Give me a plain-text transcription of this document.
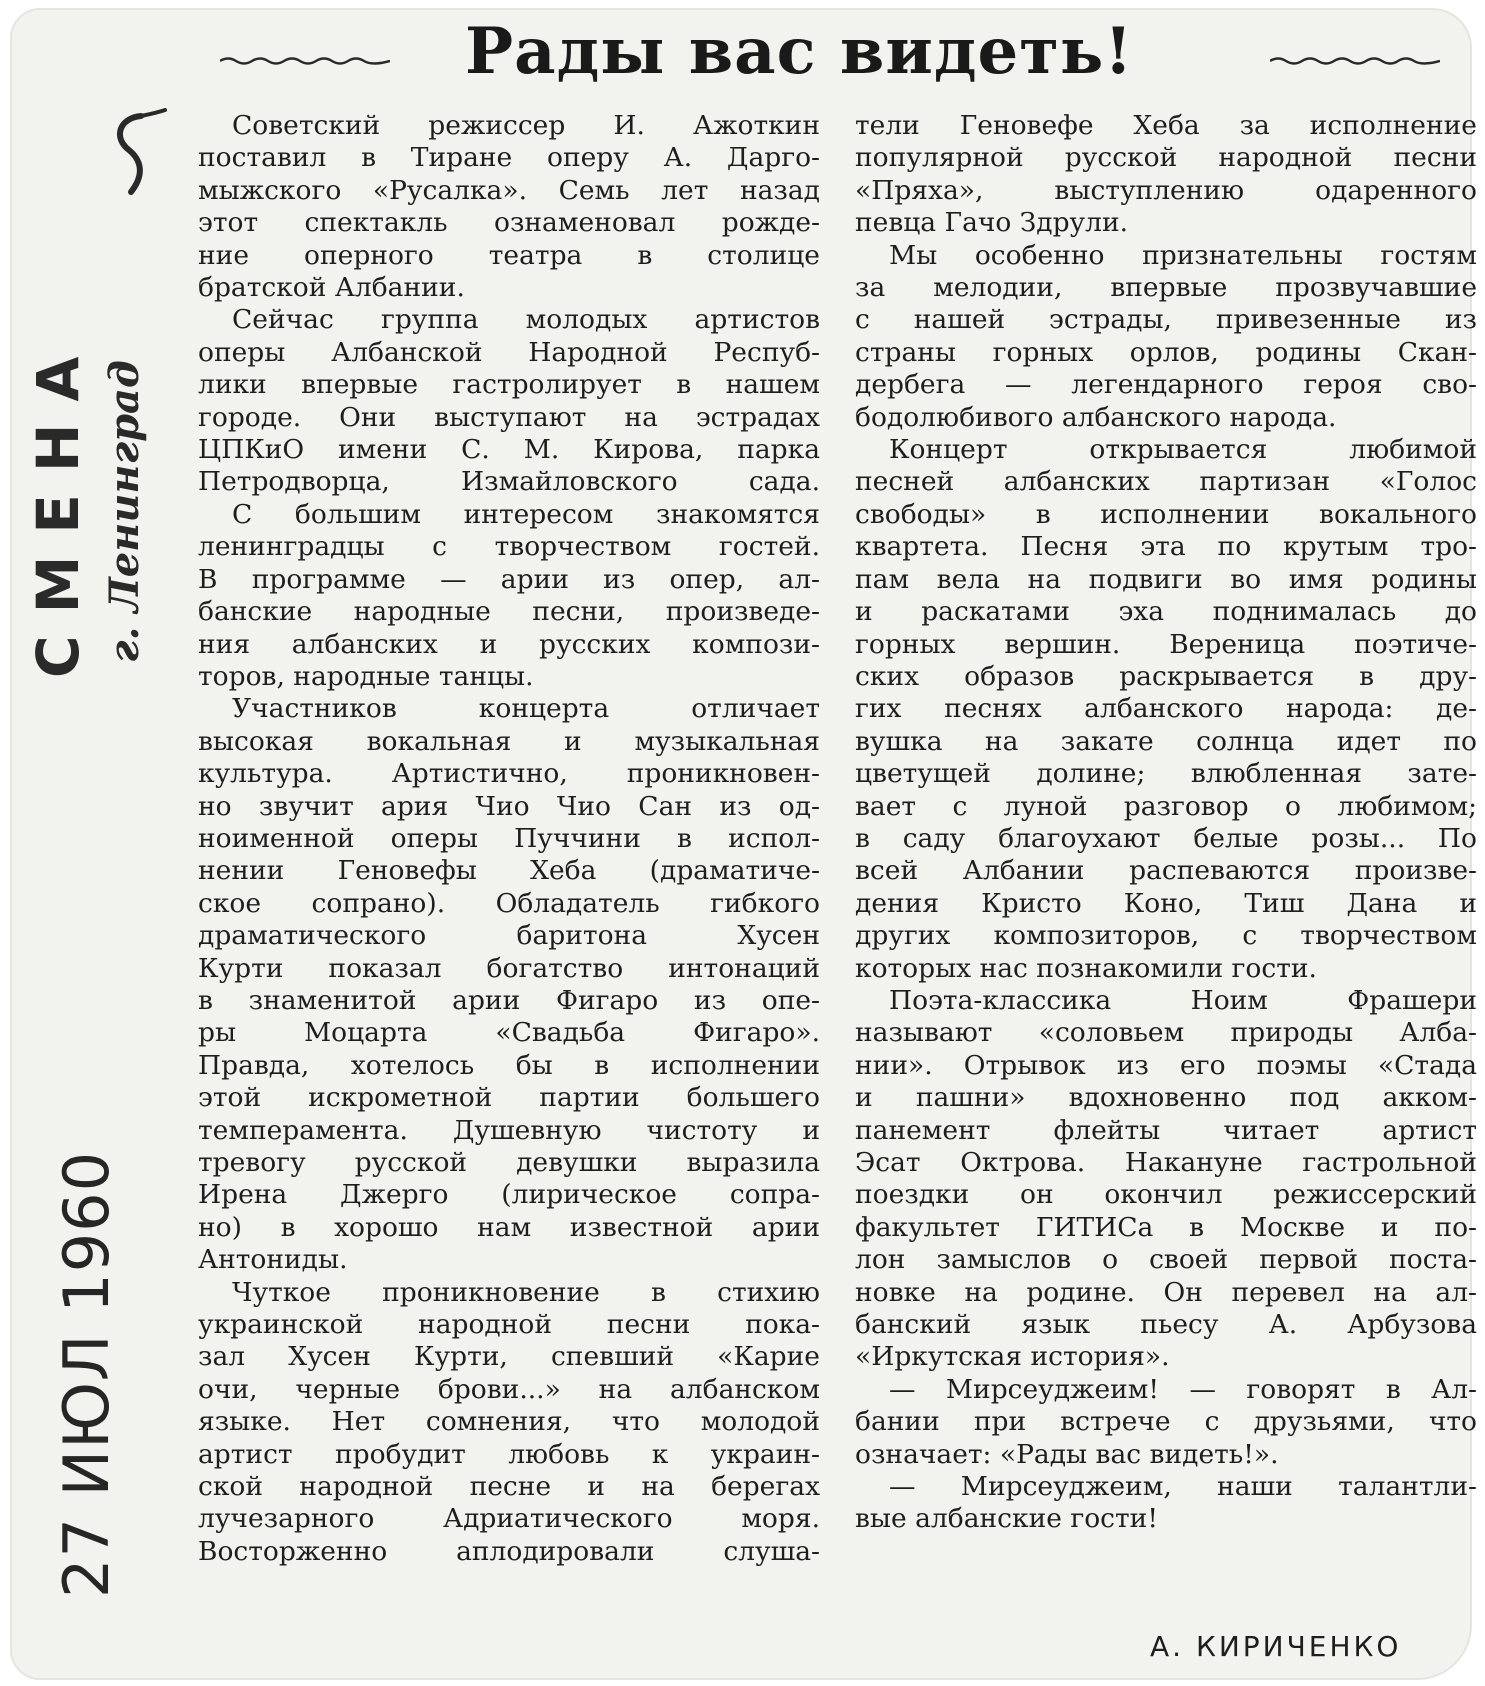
Рады вас видеть!
СМЕНА г. Ленинград
27 ИЮЛ 1960

Советский режиссер И. Ажоткин

поставил в Тиране оперу А. Дарго-

мыжского «Русалка». Семь лет назад

этот спектакль ознаменовал рожде-

ние оперного театра в столице

братской Албании.

Сейчас группа молодых артистов

оперы Албанской Народной Респуб-

лики впервые гастролирует в нашем

городе. Они выступают на эстрадах

ЦПКиО имени С. М. Кирова, парка

Петродворца, Измайловского сада.

С большим интересом знакомятся

ленинградцы с творчеством гостей.

В программе — арии из опер, ал-

банские народные песни, произведе-

ния албанских и русских компози-

торов, народные танцы.

Участников концерта отличает

высокая вокальная и музыкальная

культура. Артистично, проникновен-

но звучит ария Чио Чио Сан из од-

ноименной оперы Пуччини в испол-

нении Геновефы Хеба (драматиче-

ское сопрано). Обладатель гибкого

драматического баритона Хусен

Курти показал богатство интонаций

в знаменитой арии Фигаро из опе-

ры Моцарта «Свадьба Фигаро».

Правда, хотелось бы в исполнении

этой искрометной партии большего

темперамента. Душевную чистоту и

тревогу русской девушки выразила

Ирена Джерго (лирическое сопра-

но) в хорошо нам известной арии

Антониды.

Чуткое проникновение в стихию

украинской народной песни пока-

зал Хусен Курти, спевший «Карие

очи, черные брови...» на албанском

языке. Нет сомнения, что молодой

артист пробудит любовь к украин-

ской народной песне и на берегах

лучезарного Адриатического моря.

Восторженно аплодировали слуша-

тели Геновефе Хеба за исполнение

популярной русской народной песни

«Пряха», выступлению одаренного

певца Гачо Здрули.

Мы особенно признательны гостям

за мелодии, впервые прозвучавшие

с нашей эстрады, привезенные из

страны горных орлов, родины Скан-

дербега — легендарного героя сво-

бодолюбивого албанского народа.

Концерт открывается любимой

песней албанских партизан «Голос

свободы» в исполнении вокального

квартета. Песня эта по крутым тро-

пам вела на подвиги во имя родины

и раскатами эха поднималась до

горных вершин. Вереница поэтиче-

ских образов раскрывается в дру-

гих песнях албанского народа: де-

вушка на закате солнца идет по

цветущей долине; влюбленная зате-

вает с луной разговор о любимом;

в саду благоухают белые розы... По

всей Албании распеваются произве-

дения Кристо Коно, Тиш Дана и

других композиторов, с творчеством

которых нас познакомили гости.

Поэта-классика Ноим Фрашери

называют «соловьем природы Алба-

нии». Отрывок из его поэмы «Стада

и пашни» вдохновенно под акком-

панемент флейты читает артист

Эсат Октрова. Накануне гастрольной

поездки он окончил режиссерский

факультет ГИТИСа в Москве и по-

лон замыслов о своей первой поста-

новке на родине. Он перевел на ал-

банский язык пьесу А. Арбузова

«Иркутская история».

— Мирсеуджеим! — говорят в Ал-

бании при встрече с друзьями, что

означает: «Рады вас видеть!».

— Мирсеуджеим, наши талантли-

вые албанские гости!

А. КИРИЧЕНКО
